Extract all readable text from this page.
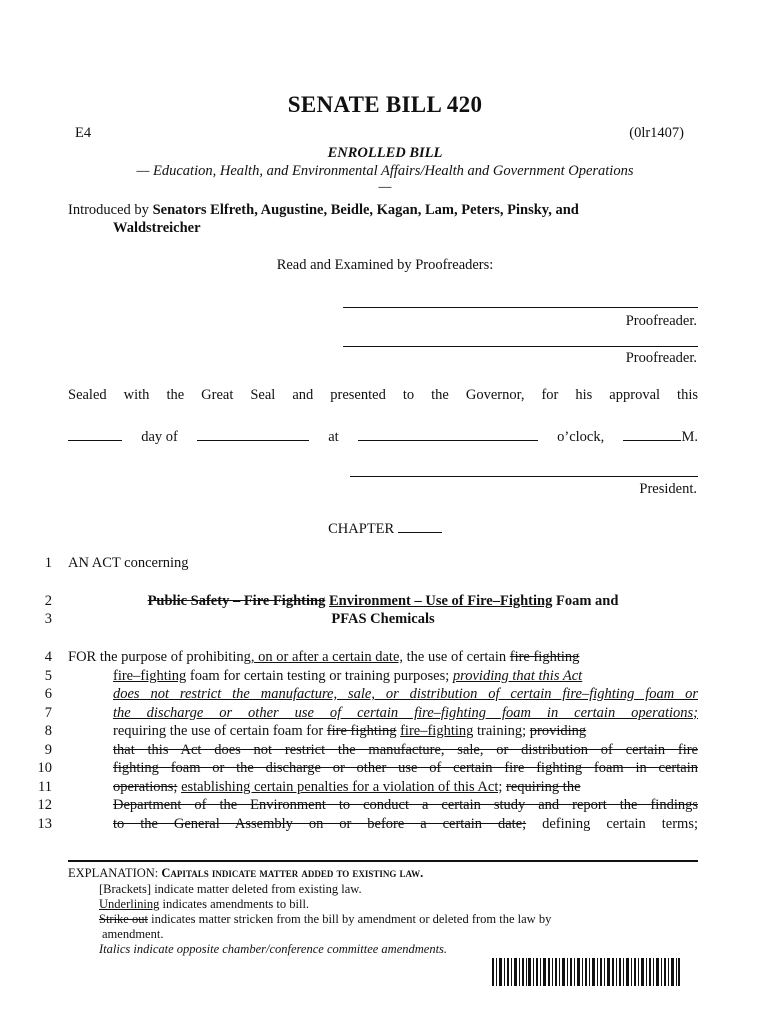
SENATE BILL 420
E4	(0lr1407)
ENROLLED BILL
— Education, Health, and Environmental Affairs/Health and Government Operations
—
Introduced by Senators Elfreth, Augustine, Beidle, Kagan, Lam, Peters, Pinsky, and
Waldstreicher
Read and Examined by Proofreaders:
Proofreader.
Proofreader.
Sealed with the Great Seal and presented to the Governor, for his approval this
day of	at	o’clock,	M.
President.
CHAPTER
1 AN ACT concerning
2	Public Safety – Fire Fighting Environment – Use of Fire–Fighting Foam and
3	PFAS Chemicals
4 FOR the purpose of prohibiting, on or after a certain date, the use of certain fire fighting
5	fire–fighting foam for certain testing or training purposes; providing that this Act
6	does not restrict the manufacture, sale, or distribution of certain fire–fighting foam or
7	the discharge or other use of certain fire–fighting foam in certain operations;
8	requiring the use of certain foam for fire fighting fire–fighting training; providing
9	that this Act does not restrict the manufacture, sale, or distribution of certain fire
10	fighting foam or the discharge or other use of certain fire fighting foam in certain
11	operations; establishing certain penalties for a violation of this Act; requiring the
12	Department of the Environment to conduct a certain study and report the findings
13	to the General Assembly on or before a certain date; defining certain terms;
EXPLANATION: Capitals indicate matter added to existing law.
[Brackets] indicate matter deleted from existing law.
Underlining indicates amendments to bill.
Strike out indicates matter stricken from the bill by amendment or deleted from the law by
amendment.
Italics indicate opposite chamber/conference committee amendments.
